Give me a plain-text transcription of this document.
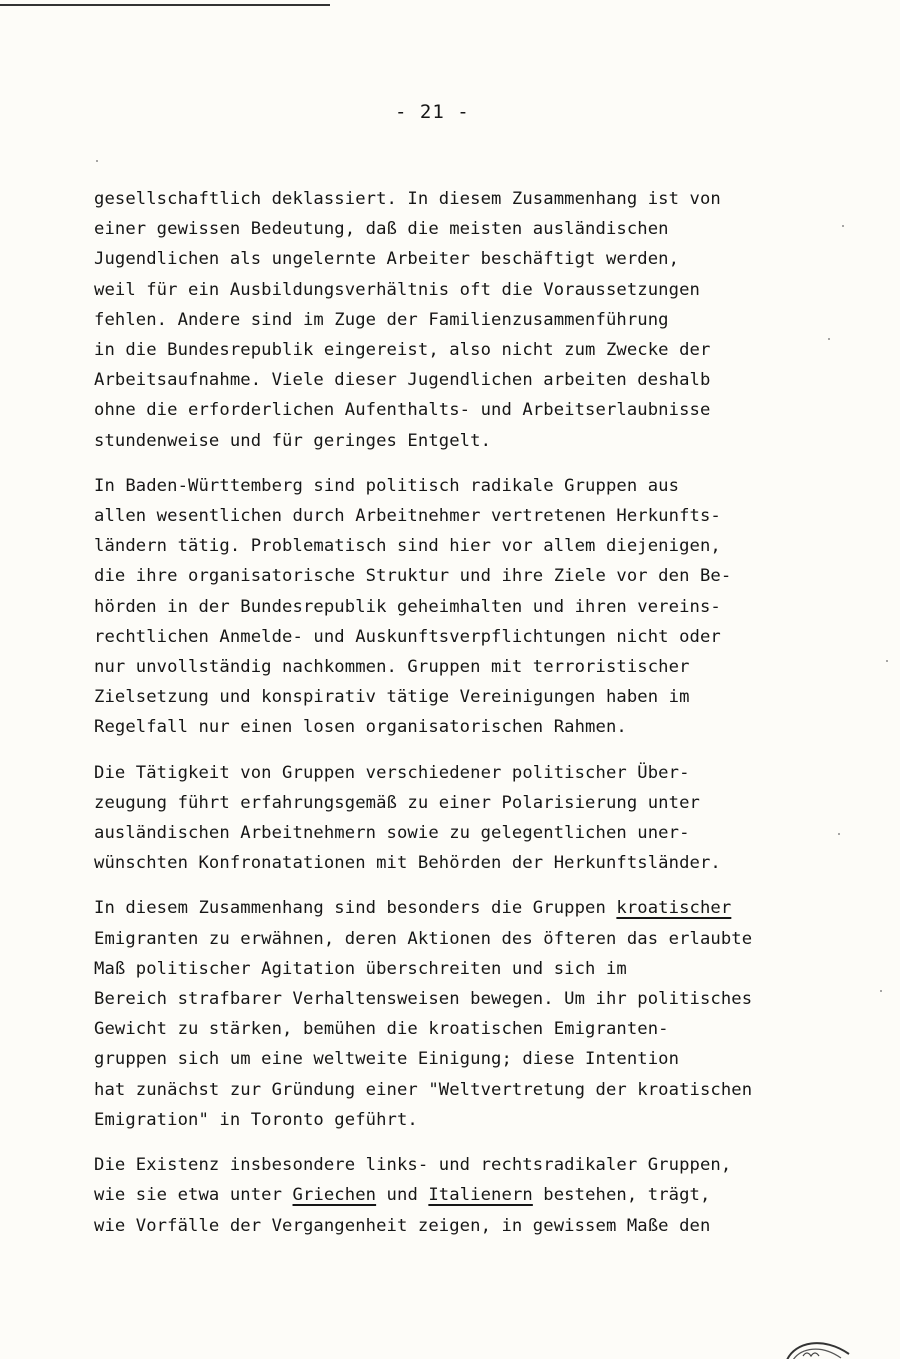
- 21 -

gesellschaftlich deklassiert. In diesem Zusammenhang ist von
einer gewissen Bedeutung, daß die meisten ausländischen
Jugendlichen als ungelernte Arbeiter beschäftigt werden,
weil für ein Ausbildungsverhältnis oft die Voraussetzungen
fehlen. Andere sind im Zuge der Familienzusammenführung
in die Bundesrepublik eingereist, also nicht zum Zwecke der
Arbeitsaufnahme. Viele dieser Jugendlichen arbeiten deshalb
ohne die erforderlichen Aufenthalts- und Arbeitserlaubnisse
stundenweise und für geringes Entgelt.

In Baden-Württemberg sind politisch radikale Gruppen aus
allen wesentlichen durch Arbeitnehmer vertretenen Herkunfts-
ländern tätig. Problematisch sind hier vor allem diejenigen,
die ihre organisatorische Struktur und ihre Ziele vor den Be-
hörden in der Bundesrepublik geheimhalten und ihren vereins-
rechtlichen Anmelde- und Auskunftsverpflichtungen nicht oder
nur unvollständig nachkommen. Gruppen mit terroristischer
Zielsetzung und konspirativ tätige Vereinigungen haben im
Regelfall nur einen losen organisatorischen Rahmen.

Die Tätigkeit von Gruppen verschiedener politischer Über-
zeugung führt erfahrungsgemäß zu einer Polarisierung unter
ausländischen Arbeitnehmern sowie zu gelegentlichen uner-
wünschten Konfronatationen mit Behörden der Herkunftsländer.

In diesem Zusammenhang sind besonders die Gruppen kroatischer
Emigranten zu erwähnen, deren Aktionen des öfteren das erlaubte
Maß politischer Agitation überschreiten und sich im
Bereich strafbarer Verhaltensweisen bewegen. Um ihr politisches
Gewicht zu stärken, bemühen die kroatischen Emigranten-
gruppen sich um eine weltweite Einigung; diese Intention
hat zunächst zur Gründung einer "Weltvertretung der kroatischen
Emigration" in Toronto geführt.

Die Existenz insbesondere links- und rechtsradikaler Gruppen,
wie sie etwa unter Griechen und Italienern bestehen, trägt,
wie Vorfälle der Vergangenheit zeigen, in gewissem Maße den
